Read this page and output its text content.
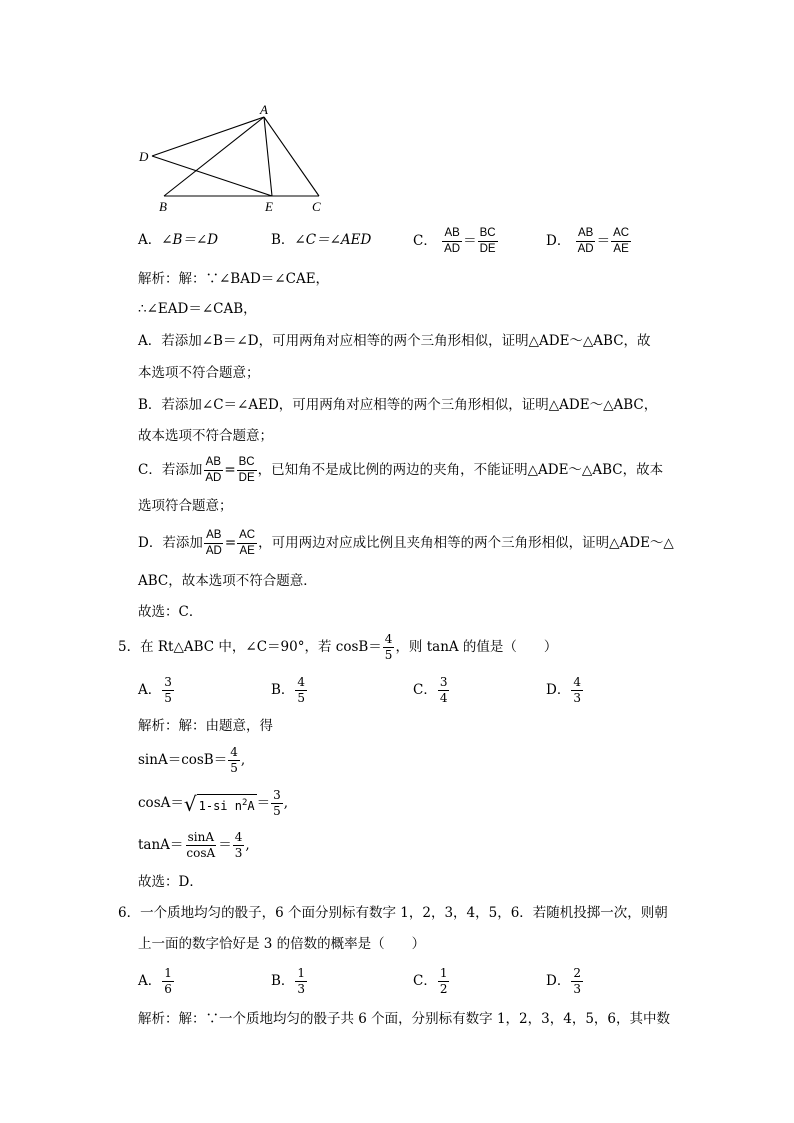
A
D
B	E	C
A．∠B＝∠D	B．∠C＝∠AED	C． $\frac{AB}{AD} = \frac{BC}{DE}$	D． $\frac{AB}{AD} = \frac{AC}{AE}$
解析：解：∵∠BAD＝∠CAE，
∴∠EAD＝∠CAB，
A．若添加∠B＝∠D，可用两角对应相等的两个三角形相似，证明△ADE～△ABC，故
本选项不符合题意；
B．若添加∠C＝∠AED，可用两角对应相等的两个三角形相似，证明△ADE～△ABC，
故本选项不符合题意；
C．若添加 $\frac{AB}{AD} = \frac{BC}{DE}$ ，已知角不是成比例的两边的夹角，不能证明△ADE～△ABC，故本
选项符合题意；
D．若添加 $\frac{AB}{AD} = \frac{AC}{AE}$ ，可用两边对应成比例且夹角相等的两个三角形相似，证明△ADE～△
ABC，故本选项不符合题意．
故选：C．
5．在 Rt△ABC 中，∠C＝90°，若 $\cos B= \frac{4}{5}$ ，则 tanA 的值是（　　）
A． $\frac{3}{5}$	B． $\frac{4}{5}$	C． $\frac{3}{4}$	D． $\frac{4}{3}$
解析：解：由题意，得
$\sin A=\cos B= \frac{4}{5}$ ,
cosA＝ √ 1-si $n^2A = \frac{3}{5}$ ,
$\tan A= \frac{\sin A}{\cos A} = \frac{4}{3}$ ,
故选：D．
6．一个质地均匀的骰子，6 个面分别标有数字 1，2，3，4，5，6．若随机投掷一次，则朝
上一面的数字恰好是 3 的倍数的概率是（　　）
A． $\frac{1}{6}$	B． $\frac{1}{3}$	C． $\frac{1}{2}$	D． $\frac{2}{3}$
解析：解：∵一个质地均匀的骰子共 6 个面，分别标有数字 1，2，3，4，5，6，其中数
